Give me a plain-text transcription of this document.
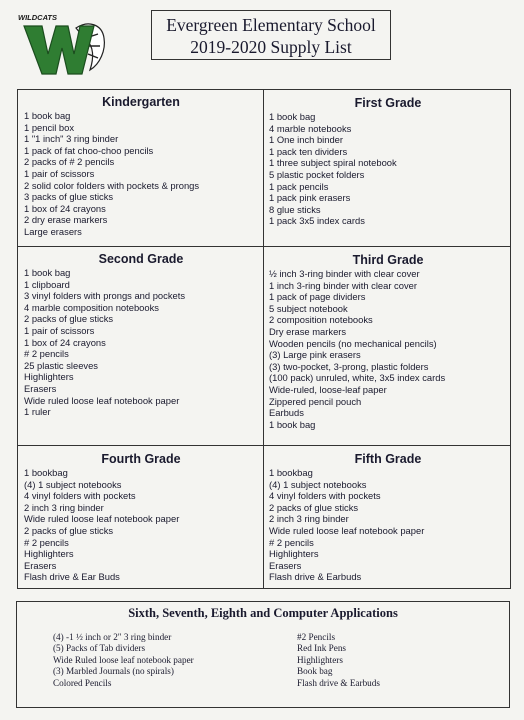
WILDCATS	Evergreen Elementary School
2019-2020 Supply List
Kindergarten
1 book bag
1 pencil box
1 "1 inch" 3 ring binder
1 pack of fat choo-choo pencils
2 packs of # 2 pencils
1 pair of scissors
2 solid color folders with pockets & prongs
3 packs of glue sticks
1 box of 24 crayons
2 dry erase markers
Large erasers
First Grade
1 book bag
4 marble notebooks
1 One inch binder
1 pack ten dividers
1 three subject spiral notebook
5 plastic pocket folders
1 pack pencils
1 pack pink erasers
8 glue sticks
1 pack 3x5 index cards
Second Grade
1 book bag
1 clipboard
3 vinyl folders with prongs and pockets
4 marble composition notebooks
2 packs of glue sticks
1 pair of scissors
1 box of 24 crayons
# 2 pencils
25 plastic sleeves
Highlighters
Erasers
Wide ruled loose leaf notebook paper
1 ruler
Third Grade
½ inch 3-ring binder with clear cover
1 inch 3-ring binder with clear cover
1 pack of page dividers
5 subject notebook
2 composition notebooks
Dry erase markers
Wooden pencils (no mechanical pencils)
(3) Large pink erasers
(3) two-pocket, 3-prong, plastic folders
(100 pack) unruled, white, 3x5 index cards
Wide-ruled, loose-leaf paper
Zippered pencil pouch
Earbuds
1 book bag
Fourth Grade
1 bookbag
(4) 1 subject notebooks
4 vinyl folders with pockets
2 inch 3 ring binder
Wide ruled loose leaf notebook paper
2 packs of glue sticks
# 2 pencils
Highlighters
Erasers
Flash drive & Ear Buds
Fifth Grade
1 bookbag
(4) 1 subject notebooks
4 vinyl folders with pockets
2 packs of glue sticks
2 inch 3 ring binder
Wide ruled loose leaf notebook paper
# 2 pencils
Highlighters
Erasers
Flash drive & Earbuds
Sixth, Seventh, Eighth and Computer Applications
(4) -1 ½ inch or 2" 3 ring binder
(5) Packs of Tab dividers
Wide Ruled loose leaf notebook paper
(3) Marbled Journals (no spirals)
Colored Pencils
#2 Pencils
Red Ink Pens
Highlighters
Book bag
Flash drive & Earbuds
